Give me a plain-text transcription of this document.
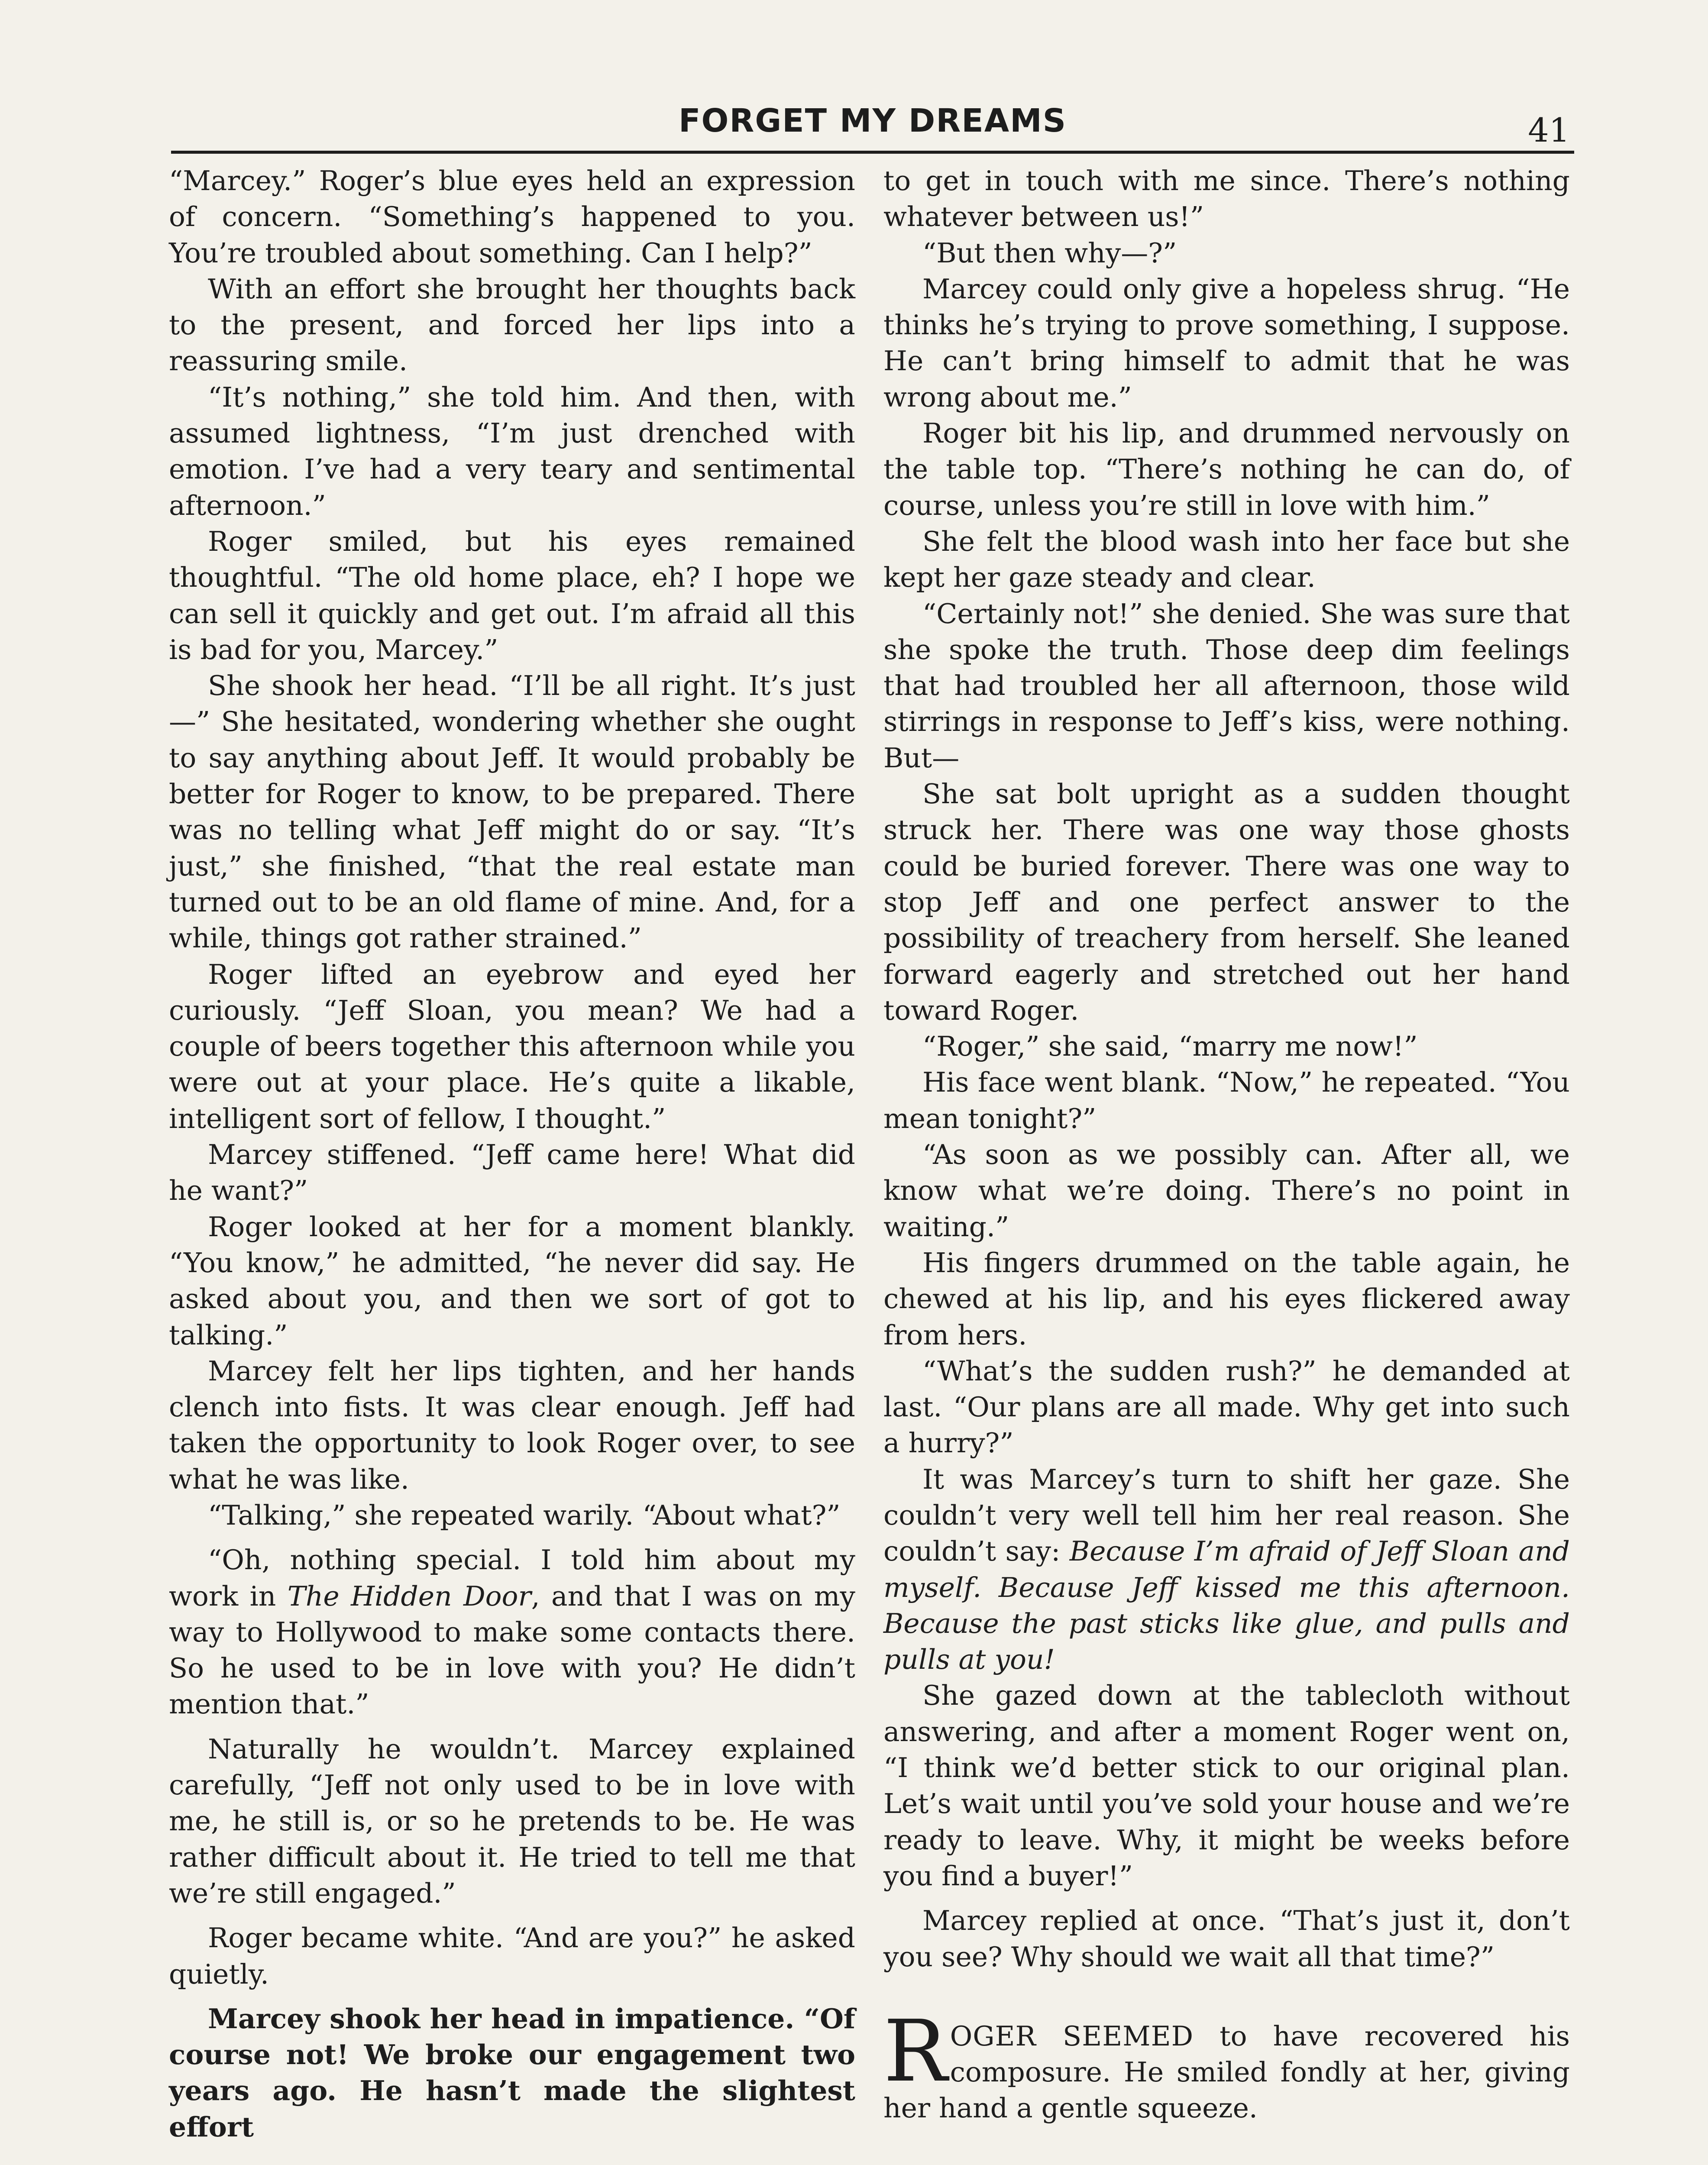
FORGET MY DREAMS	41

“Marcey.” Roger’s blue eyes held an expression of concern. “Something’s happened to you. You’re troubled about something. Can I help?”

With an effort she brought her thoughts back to the present, and forced her lips into a reassuring smile.

“It’s nothing,” she told him. And then, with assumed lightness, “I’m just drenched with emotion. I’ve had a very teary and sentimental afternoon.”

Roger smiled, but his eyes remained thoughtful. “The old home place, eh? I hope we can sell it quickly and get out. I’m afraid all this is bad for you, Marcey.”

She shook her head. “I’ll be all right. It’s just—” She hesitated, wondering whether she ought to say anything about Jeff. It would probably be better for Roger to know, to be prepared. There was no telling what Jeff might do or say. “It’s just,” she finished, “that the real estate man turned out to be an old flame of mine. And, for a while, things got rather strained.”

Roger lifted an eyebrow and eyed her curiously. “Jeff Sloan, you mean? We had a couple of beers together this afternoon while you were out at your place. He’s quite a likable, intelligent sort of fellow, I thought.”

Marcey stiffened. “Jeff came here! What did he want?”

Roger looked at her for a moment blankly. “You know,” he admitted, “he never did say. He asked about you, and then we sort of got to talking.”

Marcey felt her lips tighten, and her hands clench into fists. It was clear enough. Jeff had taken the opportunity to look Roger over, to see what he was like.

“Talking,” she repeated warily. “About what?”

“Oh, nothing special. I told him about my work in The Hidden Door, and that I was on my way to Hollywood to make some contacts there. So he used to be in love with you? He didn’t mention that.”

Naturally he wouldn’t. Marcey explained carefully, “Jeff not only used to be in love with me, he still is, or so he pretends to be. He was rather difficult about it. He tried to tell me that we’re still engaged.”

Roger became white. “And are you?” he asked quietly.

Marcey shook her head in impatience. “Of course not! We broke our engagement two years ago. He hasn’t made the slightest effort

to get in touch with me since. There’s nothing whatever between us!”

“But then why—?”

Marcey could only give a hopeless shrug. “He thinks he’s trying to prove something, I suppose. He can’t bring himself to admit that he was wrong about me.”

Roger bit his lip, and drummed nervously on the table top. “There’s nothing he can do, of course, unless you’re still in love with him.”

She felt the blood wash into her face but she kept her gaze steady and clear.

“Certainly not!” she denied. She was sure that she spoke the truth. Those deep dim feelings that had troubled her all afternoon, those wild stirrings in response to Jeff’s kiss, were nothing. But—

She sat bolt upright as a sudden thought struck her. There was one way those ghosts could be buried forever. There was one way to stop Jeff and one perfect answer to the possibility of treachery from herself. She leaned forward eagerly and stretched out her hand toward Roger.

“Roger,” she said, “marry me now!”

His face went blank. “Now,” he repeated. “You mean tonight?”

“As soon as we possibly can. After all, we know what we’re doing. There’s no point in waiting.”

His fingers drummed on the table again, he chewed at his lip, and his eyes flickered away from hers.

“What’s the sudden rush?” he demanded at last. “Our plans are all made. Why get into such a hurry?”

It was Marcey’s turn to shift her gaze. She couldn’t very well tell him her real reason. She couldn’t say: Because I’m afraid of Jeff Sloan and myself. Because Jeff kissed me this afternoon. Because the past sticks like glue, and pulls and pulls at you!

She gazed down at the tablecloth without answering, and after a moment Roger went on, “I think we’d better stick to our original plan. Let’s wait until you’ve sold your house and we’re ready to leave. Why, it might be weeks before you find a buyer!”

Marcey replied at once. “That’s just it, don’t you see? Why should we wait all that time?”

ROGER SEEMED to have recovered his composure. He smiled fondly at her, giving her hand a gentle squeeze.
